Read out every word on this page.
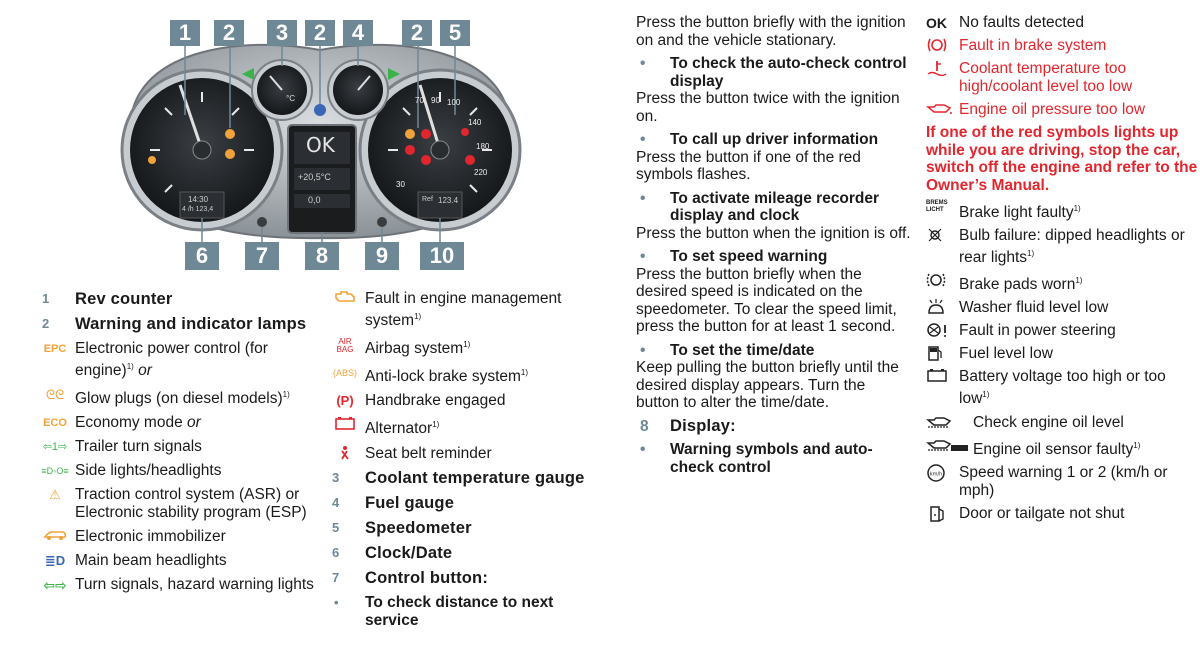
OK
+20,5°C
0,0
°C
14:30
4 /h 123,4
Ref 123.4
70 90 100
140
180
220
30
1	2	3	2	4	2	5
6	7	8	9	10
1	Rev counter
2	Warning and indicator lamps
EPC Electronic power control (for engine)$^{1)}$ or
ᘓᘓ Glow plugs (on diesel models)$^{1)}$
ECO Economy mode or
⇦1⇨ Trailer turn signals
≡D◦O≡ Side lights/headlights
⚠ Traction control system (ASR) or Electronic stability program (ESP)
Electronic immobilizer
≣D Main beam headlights
⇦⇨ Turn signals, hazard warning lights
Fault in engine management system$^{1)}$
AIR BAG Airbag system$^{1)}$
(ABS) Anti-lock brake system$^{1)}$
(P) Handbrake engaged
Alternator$^{1)}$
Seat belt reminder
3	Coolant temperature gauge
4	Fuel gauge
5	Speedometer
6	Clock/Date
7	Control button:
•	To check distance to next service

Press the button briefly with the ignition on and the vehicle stationary.

• To check the auto-check control display

Press the button twice with the ignition on.

• To call up driver information

Press the button if one of the red symbols flashes.

• To activate mileage recorder display and clock

Press the button when the ignition is off.

• To set speed warning

Press the button briefly when the desired speed is indicated on the speedometer. To clear the speed limit, press the button for at least 1 second.

• To set the time/date

Keep pulling the button briefly until the desired display appears. Turn the button to alter the time/date.

8 Display:
• Warning symbols and auto-check control
OK No faults detected
Fault in brake system
Coolant temperature too high/coolant level too low
Engine oil pressure too low

If one of the red symbols lights up while you are driving, stop the car, switch off the engine and refer to the Owner’s Manual.

BREMS LICHT Brake light faulty$^{1)}$
Bulb failure: dipped headlights or rear lights$^{1)}$
Brake pads worn$^{1)}$
Washer fluid level low
Fault in power steering
Fuel level low
Battery voltage too high or too low$^{1)}$
Check engine oil level
Engine oil sensor faulty$^{1)}$
km/h Speed warning 1 or 2 (km/h or mph)
Door or tailgate not shut
